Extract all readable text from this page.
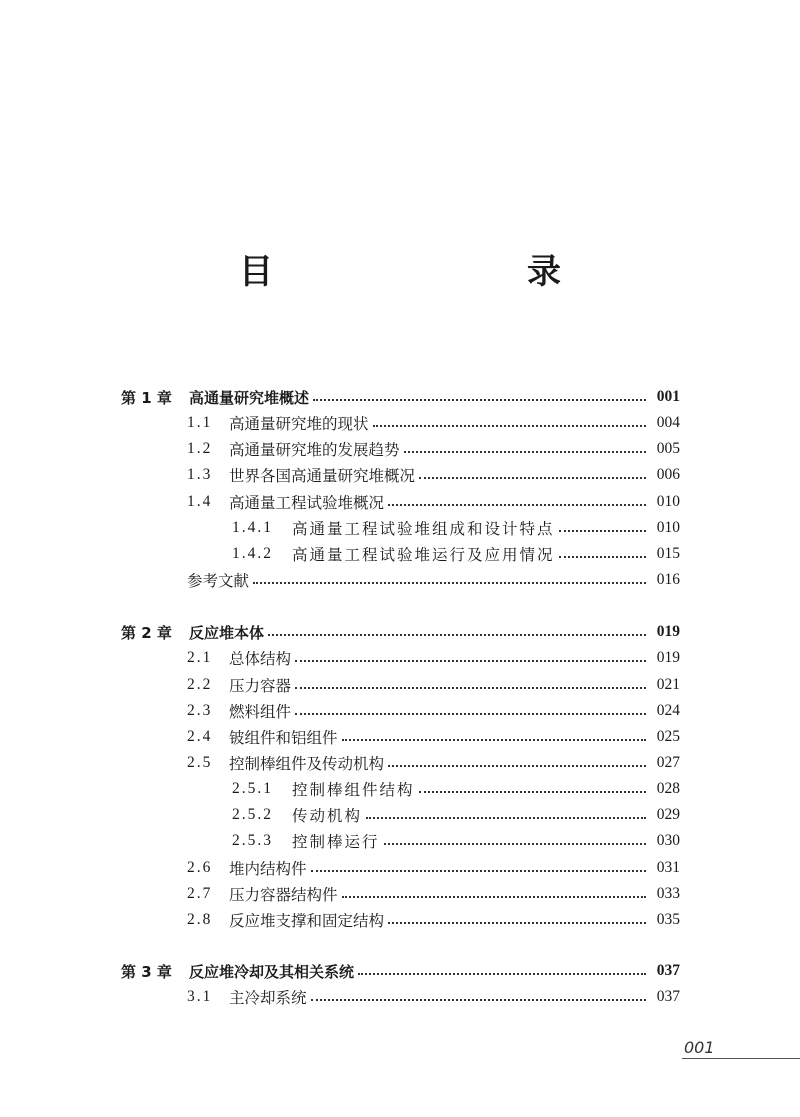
目　　录
第 1 章	高通量研究堆概述	001
1.1	高通量研究堆的现状	004
1.2	高通量研究堆的发展趋势	005
1.3	世界各国高通量研究堆概况	006
1.4	高通量工程试验堆概况	010
1.4.1	高通量工程试验堆组成和设计特点	010
1.4.2	高通量工程试验堆运行及应用情况	015
参考文献	016
第 2 章	反应堆本体	019
2.1	总体结构	019
2.2	压力容器	021
2.3	燃料组件	024
2.4	铍组件和铝组件	025
2.5	控制棒组件及传动机构	027
2.5.1	控制棒组件结构	028
2.5.2	传动机构	029
2.5.3	控制棒运行	030
2.6	堆内结构件	031
2.7	压力容器结构件	033
2.8	反应堆支撑和固定结构	035
第 3 章	反应堆冷却及其相关系统	037
3.1	主冷却系统	037
001
